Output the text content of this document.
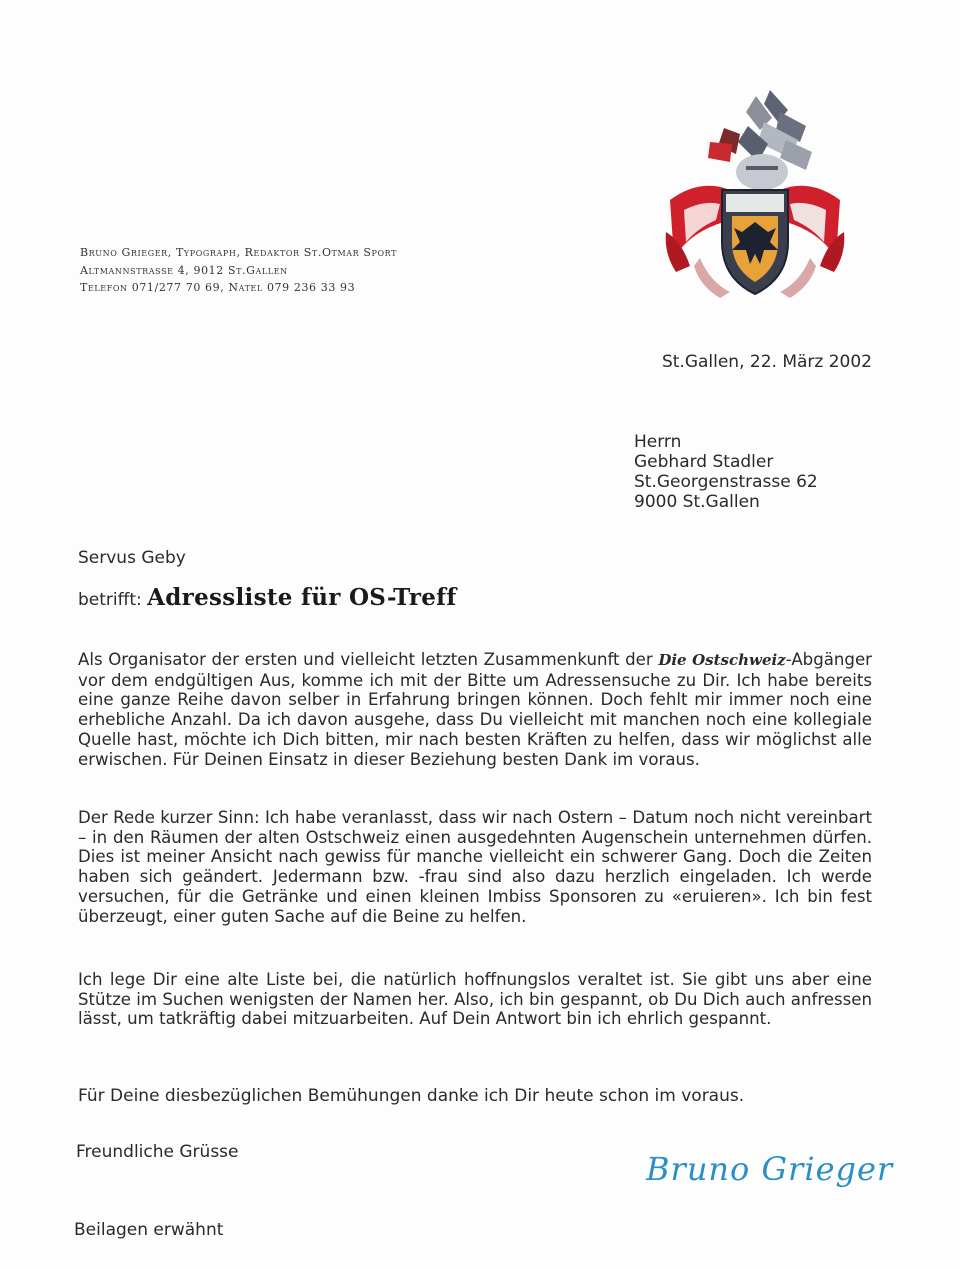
Bruno Grieger, Typograph, Redaktor St.Otmar Sport
Altmannstrasse 4, 9012 St.Gallen
Telefon 071/277 70 69, Natel 079 236 33 93
St.Gallen, 22. März 2002
Herrn
Gebhard Stadler
St.Georgenstrasse 62
9000 St.Gallen
Servus Geby
betrifft: Adressliste für OS-Treff
Als Organisator der ersten und vielleicht letzten Zusammenkunft der Die Ostschweiz-Abgänger vor dem endgültigen Aus, komme ich mit der Bitte um Adressensuche zu Dir. Ich habe bereits eine ganze Reihe davon selber in Erfahrung bringen können. Doch fehlt mir immer noch eine erhebliche Anzahl. Da ich davon ausgehe, dass Du vielleicht mit manchen noch eine kollegiale Quelle hast, möchte ich Dich bitten, mir nach besten Kräften zu helfen, dass wir möglichst alle erwischen. Für Deinen Einsatz in dieser Beziehung besten Dank im voraus.
Der Rede kurzer Sinn: Ich habe veranlasst, dass wir nach Ostern – Datum noch nicht vereinbart – in den Räumen der alten Ostschweiz einen ausgedehnten Augenschein unternehmen dürfen. Dies ist meiner Ansicht nach gewiss für manche vielleicht ein schwerer Gang. Doch die Zeiten haben sich geändert. Jedermann bzw. -frau sind also dazu herzlich eingeladen. Ich werde versuchen, für die Getränke und einen kleinen Imbiss Sponsoren zu «eruieren». Ich bin fest überzeugt, einer guten Sache auf die Beine zu helfen.
Ich lege Dir eine alte Liste bei, die natürlich hoffnungslos veraltet ist. Sie gibt uns aber eine Stütze im Suchen wenigsten der Namen her. Also, ich bin gespannt, ob Du Dich auch anfressen lässt, um tatkräftig dabei mitzuarbeiten. Auf Dein Antwort bin ich ehrlich gespannt.
Für Deine diesbezüglichen Bemühungen danke ich Dir heute schon im voraus.
Freundliche Grüsse	Bruno Grieger
Beilagen erwähnt
